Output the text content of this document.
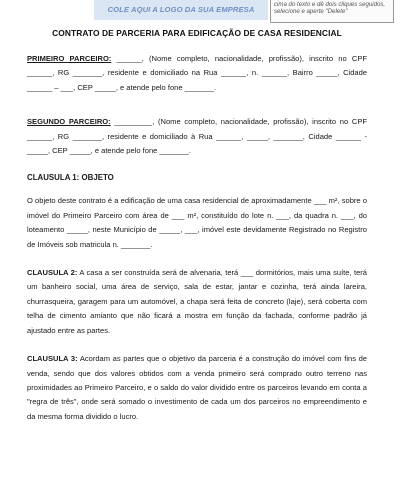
COLE AQUI A LOGO DA SUA EMPRESA
cima do texto e dê dois cliques seguidos, selecione e aperte "Delete"
CONTRATO DE PARCERIA PARA EDIFICAÇÃO DE CASA RESIDENCIAL

PRIMEIRO PARCEIRO: ______, (Nome completo, nacionalidade, profissão), inscrito no CPF ______, RG _______, residente e domiciliado na Rua ______, n. ______, Bairro _____, Cidade ______ – ___, CEP _____, e atende pelo fone _______.

SEGUNDO PARCEIRO: _________, (Nome completo, nacionalidade, profissão), inscrito no CPF ______, RG _______, residente e domiciliado à Rua ______, _____, _______, Cidade ______ - _____, CEP _____, e atende pelo fone _______.

CLAUSULA 1: OBJETO

O objeto deste contrato é a edificação de uma casa residencial de aproximadamente ___ m², sobre o imóvel do Primeiro Parceiro com área de ___ m², constituído do lote n. ___, da quadra n. ___, do loteamento _____, neste Município de _____, ___, imóvel este devidamente Registrado no Registro de Imóveis sob matricula n. _______.

CLAUSULA 2: A casa a ser construída será de alvenaria, terá ___ dormitórios, mais uma suíte, terá um banheiro social, uma área de serviço, sala de estar, jantar e cozinha, terá ainda lareira, churrasqueira, garagem para um automóvel, a chapa será feita de concreto (laje), será coberta com telha de cimento amianto que não ficará a mostra em função da fachada, conforme padrão já ajustado entre as partes.

CLAUSULA 3: Acordam as partes que o objetivo da parceria é a construção do imóvel com fins de venda, sendo que dos valores obtidos com a venda primeiro será comprado outro terreno nas proximidades ao Primeiro Parceiro, e o saldo do valor dividido entre os parceiros levando em conta a "regra de três", onde será somado o investimento de cada um dos parceiros no empreendimento e da mesma forma dividido o lucro.
